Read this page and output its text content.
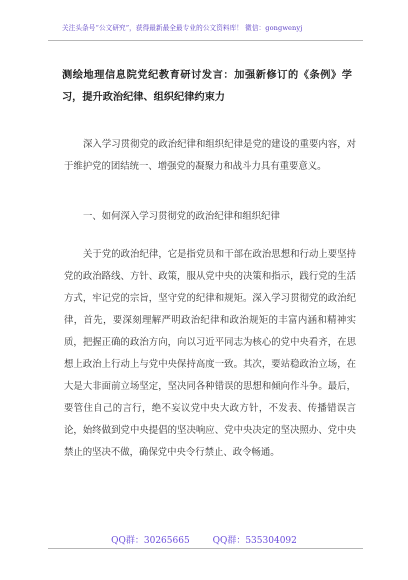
关注头条号“公文研究”，获得最新最全最专业的公文资料库！ 微信：gongwenyj
测绘地理信息院党纪教育研讨发言：加强新修订的《条例》学习，提升政治纪律、组织纪律约束力
深入学习贯彻党的政治纪律和组织纪律是党的建设的重要内容，对于维护党的团结统一、增强党的凝聚力和战斗力具有重要意义。
一、如何深入学习贯彻党的政治纪律和组织纪律
关于党的政治纪律，它是指党员和干部在政治思想和行动上要坚持党的政治路线、方针、政策，服从党中央的决策和指示，践行党的生活方式，牢记党的宗旨，坚守党的纪律和规矩。深入学习贯彻党的政治纪律，首先，要深刻理解严明政治纪律和政治规矩的丰富内涵和精神实质，把握正确的政治方向，向以习近平同志为核心的党中央看齐，在思想上政治上行动上与党中央保持高度一致。其次，要站稳政治立场，在大是大非面前立场坚定，坚决同各种错误的思想和倾向作斗争。最后，要管住自己的言行，绝不妄议党中央大政方针，不发表、传播错误言论，始终做到党中央提倡的坚决响应、党中央决定的坚决照办、党中央禁止的坚决不做，确保党中央令行禁止、政令畅通。
QQ群：30265665	QQ群：535304092
